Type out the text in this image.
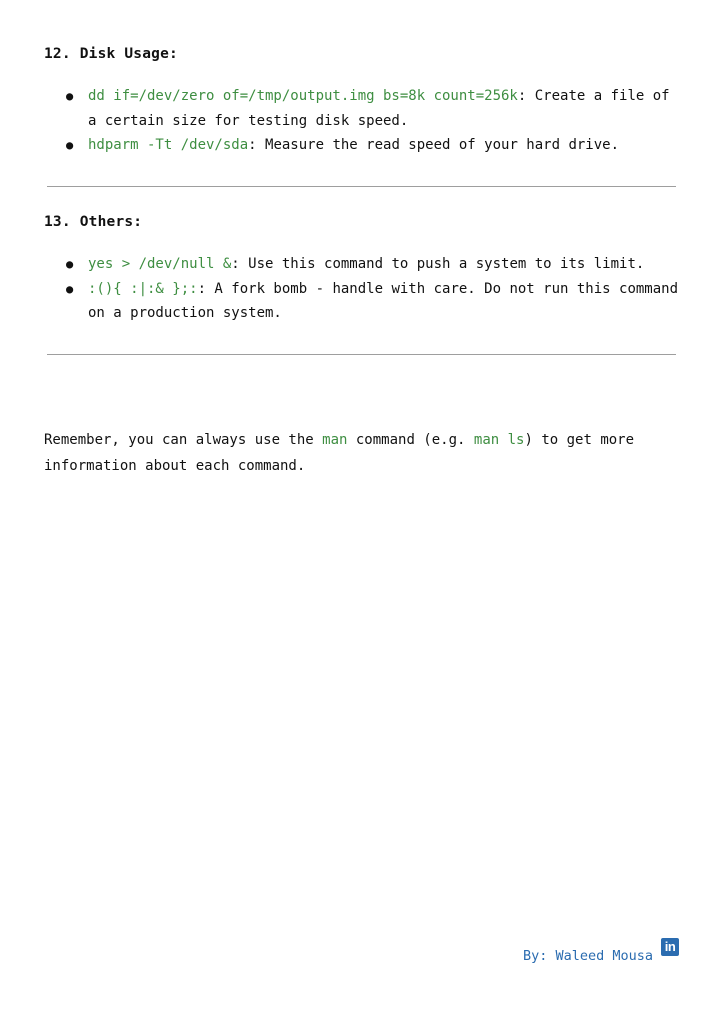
12. Disk Usage:
● dd if=/dev/zero of=/tmp/output.img bs=8k count=256k: Create a file of a certain size for testing disk speed.
● hdparm -Tt /dev/sda: Measure the read speed of your hard drive.
13. Others:
● yes > /dev/null &: Use this command to push a system to its limit.
● :(){ :|:& };:: A fork bomb - handle with care. Do not run this command on a production system.

Remember, you can always use the man command (e.g. man ls) to get more information about each command.

By: Waleed Mousa
in
